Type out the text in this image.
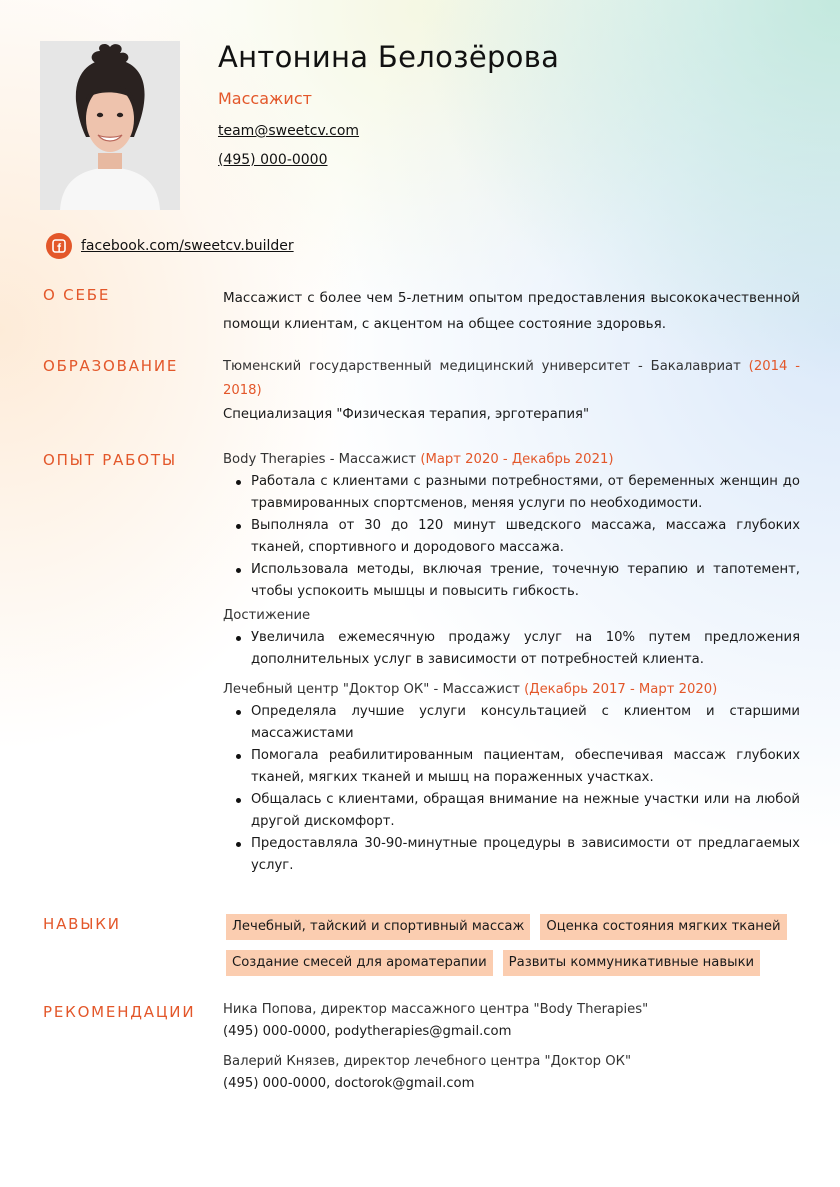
Антонина Белозёрова
Массажист
team@sweetcv.com
(495) 000-0000
facebook.com/sweetcv.builder
О СЕБЕ	Массажист с более чем 5-летним опытом предоставления высококачественной помощи клиентам, с акцентом на общее состояние здоровья.
ОБРАЗОВАНИЕ	Тюменский государственный медицинский университет - Бакалавриат (2014 - 2018)
Специализация "Физическая терапия, эрготерапия"
ОПЫТ РАБОТЫ	Body Therapies - Массажист (Март 2020 - Декабрь 2021)
Работала с клиентами с разными потребностями, от беременных женщин до травмированных спортсменов, меняя услуги по необходимости.
Выполняла от 30 до 120 минут шведского массажа, массажа глубоких тканей, спортивного и дородового массажа.
Использовала методы, включая трение, точечную терапию и тапотемент, чтобы успокоить мышцы и повысить гибкость.
Достижение
Увеличила ежемесячную продажу услуг на 10% путем предложения дополнительных услуг в зависимости от потребностей клиента.
Лечебный центр "Доктор ОК" - Массажист (Декабрь 2017 - Март 2020)
Определяла лучшие услуги консультацией с клиентом и старшими массажистами
Помогала реабилитированным пациентам, обеспечивая массаж глубоких тканей, мягких тканей и мышц на пораженных участках.
Общалась с клиентами, обращая внимание на нежные участки или на любой другой дискомфорт.
Предоставляла 30-90-минутные процедуры в зависимости от предлагаемых услуг.
НАВЫКИ	Лечебный, тайский и спортивный массаж	Оценка состояния мягких тканей
Создание смесей для ароматерапии	Развиты коммуникативные навыки
РЕКОМЕНДАЦИИ Ника Попова, директор массажного центра "Body Therapies"
(495) 000-0000, podytherapies@gmail.com
Валерий Князев, директор лечебного центра "Доктор ОК"
(495) 000-0000, doctorok@gmail.com
